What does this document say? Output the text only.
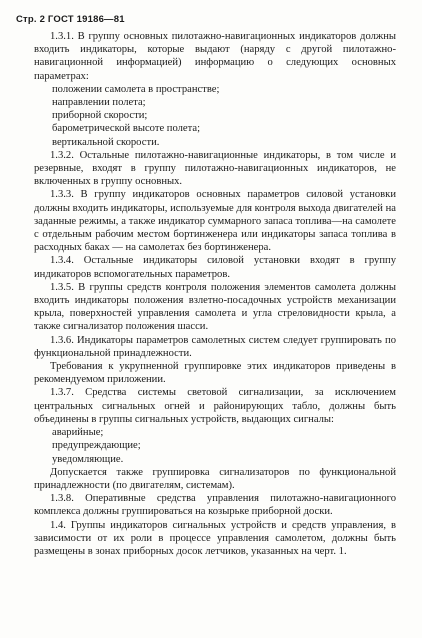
Стр. 2 ГОСТ 19186—81

1.3.1. В группу основных пилотажно-навигационных индикаторов должны входить индикаторы, которые выдают (наряду с другой пилотажно-навигационной информацией) информацию о следующих основных параметрах:

положении самолета в пространстве;

направлении полета;

приборной скорости;

барометрической высоте полета;

вертикальной скорости.

1.3.2. Остальные пилотажно-навигационные индикаторы, в том числе и резервные, входят в группу пилотажно-навигационных индикаторов, не включенных в группу основных.

1.3.3. В группу индикаторов основных параметров силовой установки должны входить индикаторы, используемые для контроля выхода двигателей на заданные режимы, а также индикатор суммарного запаса топлива—на самолете с отдельным рабочим местом бортинженера или индикаторы запаса топлива в расходных баках — на самолетах без бортинженера.

1.3.4. Остальные индикаторы силовой установки входят в группу индикаторов вспомогательных параметров.

1.3.5. В группы средств контроля положения элементов самолета должны входить индикаторы положения взлетно-посадочных устройств механизации крыла, поверхностей управления самолета и угла стреловидности крыла, а также сигнализатор положения шасси.

1.3.6. Индикаторы параметров самолетных систем следует группировать по функциональной принадлежности.

Требования к укрупненной группировке этих индикаторов приведены в рекомендуемом приложении.

1.3.7. Средства системы световой сигнализации, за исключением центральных сигнальных огней и районирующих табло, должны быть объединены в группы сигнальных устройств, выдающих сигналы:

аварийные;

предупреждающие;

уведомляющие.

Допускается также группировка сигнализаторов по функциональной принадлежности (по двигателям, системам).

1.3.8. Оперативные средства управления пилотажно-навигационного комплекса должны группироваться на козырьке приборной доски.

1.4. Группы индикаторов сигнальных устройств и средств управления, в зависимости от их роли в процессе управления самолетом, должны быть размещены в зонах приборных досок летчиков, указанных на черт. 1.
